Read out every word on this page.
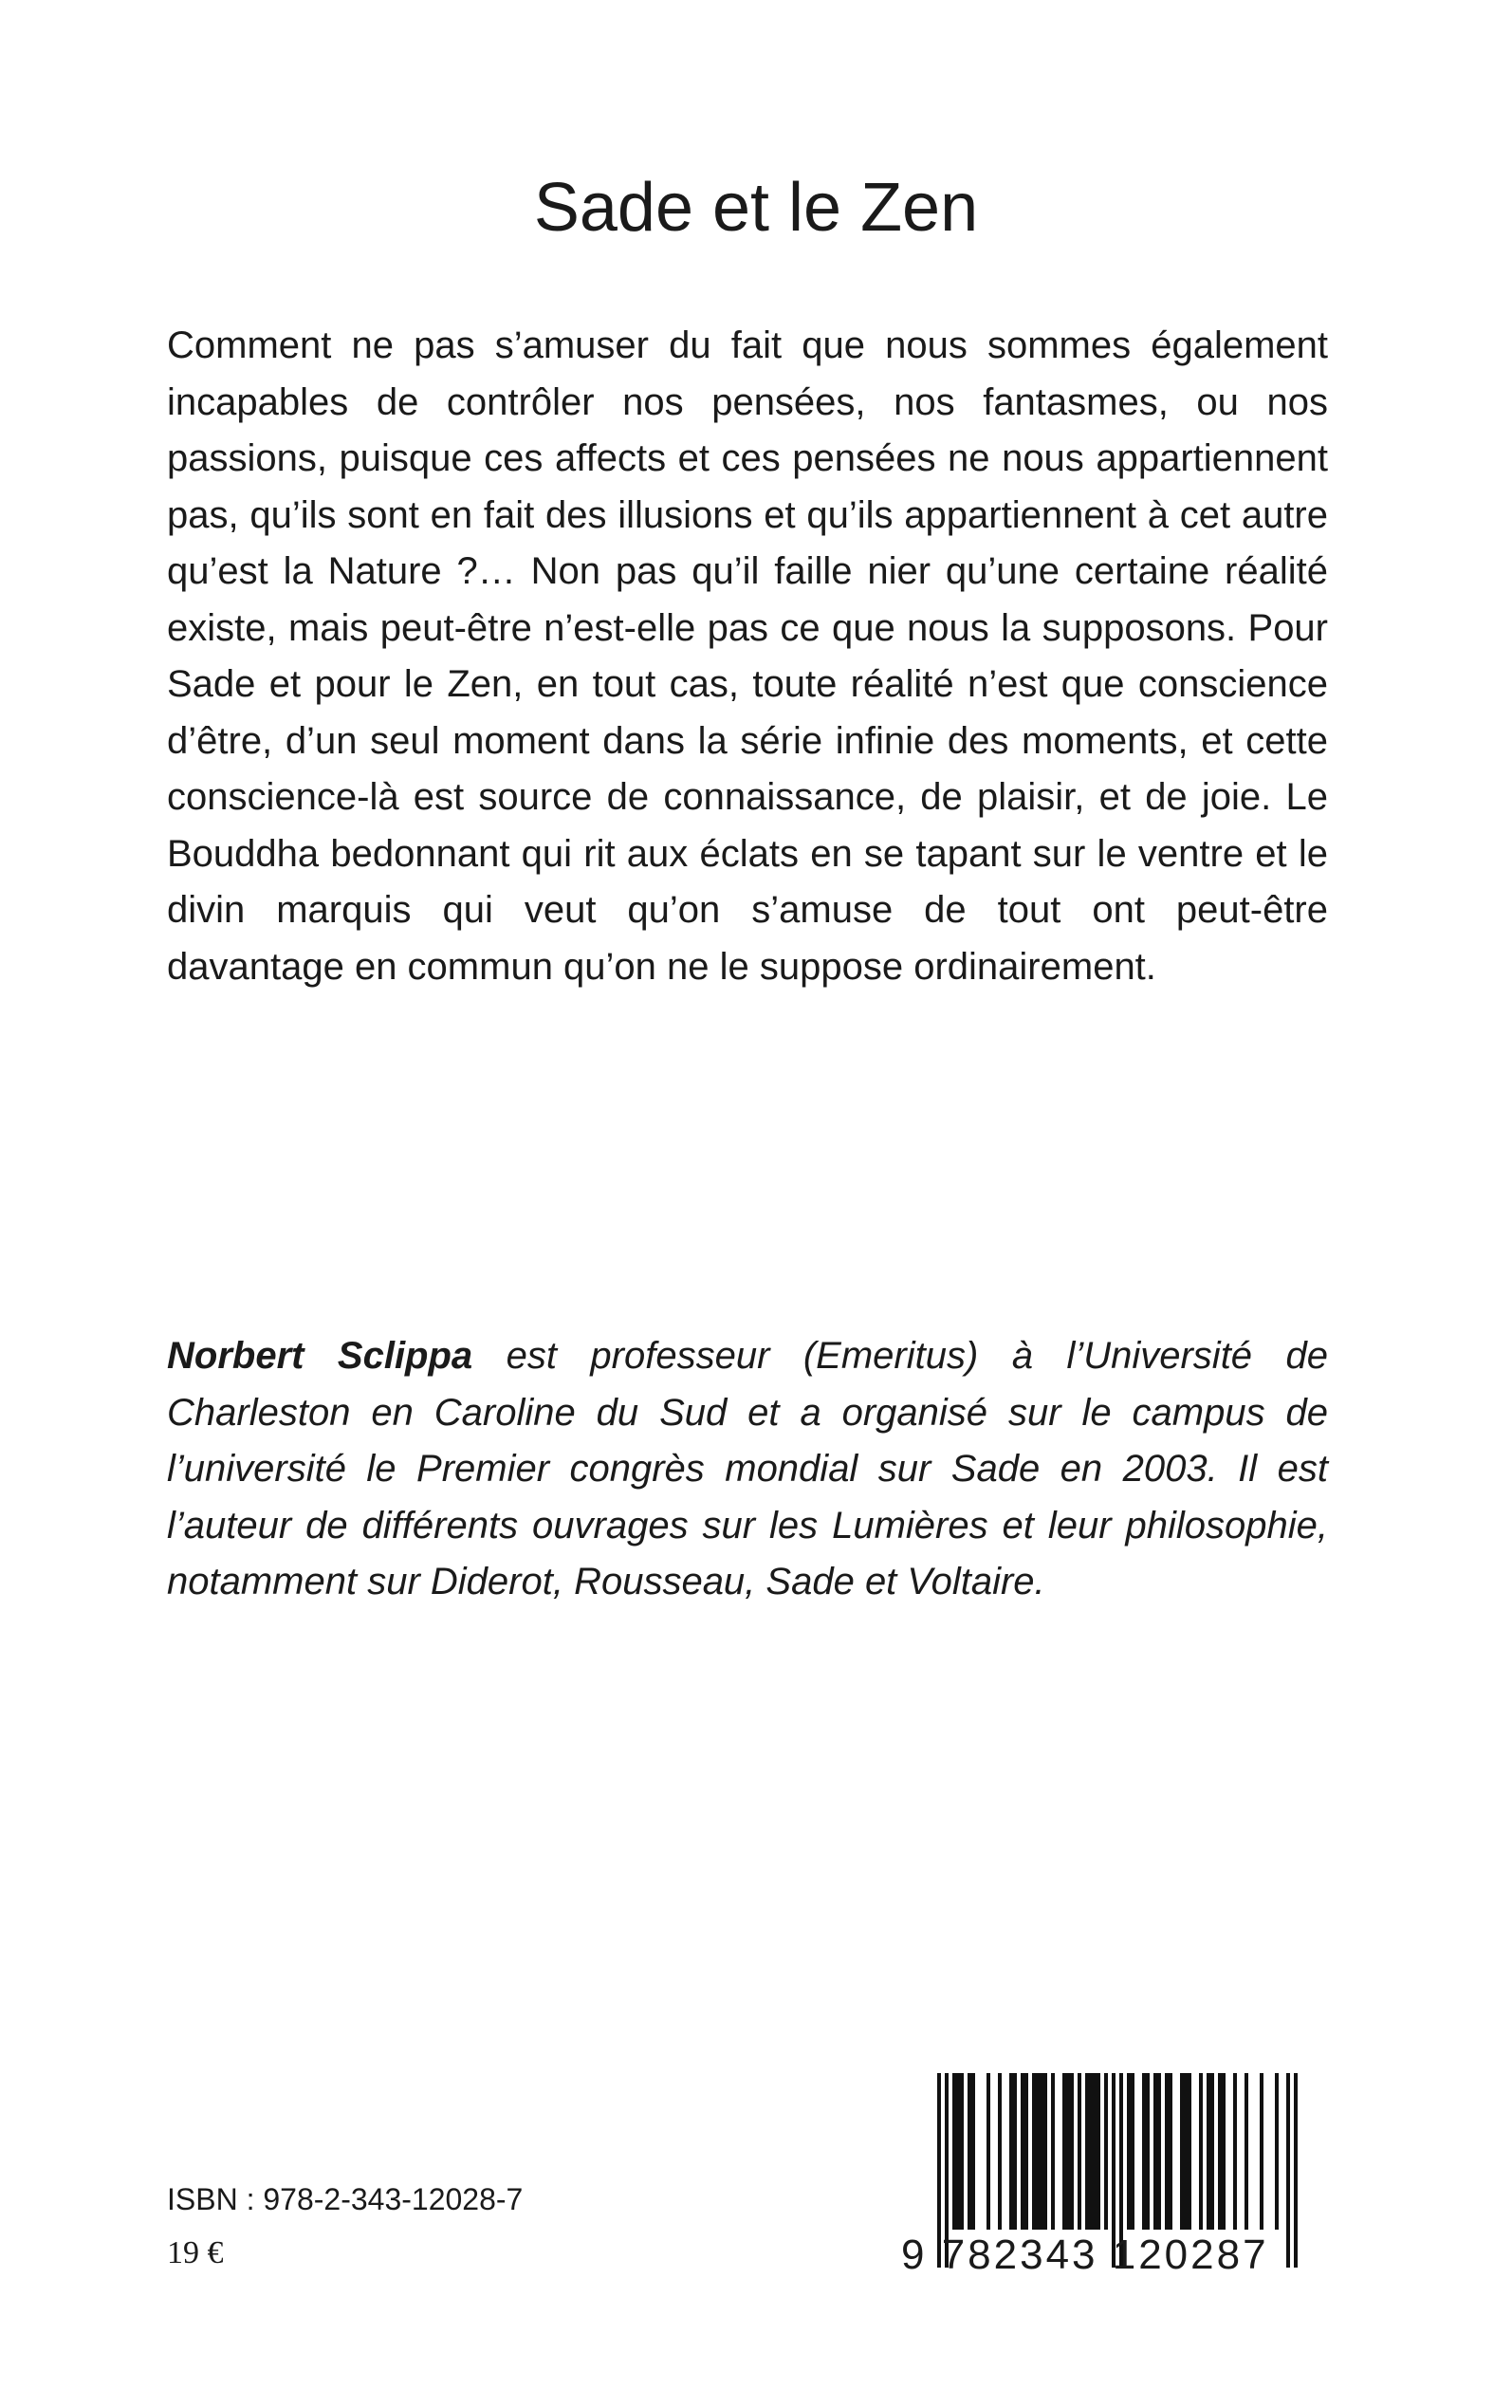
Sade et le Zen

Comment ne pas s’amuser du fait que nous sommes également incapables de contrôler nos pensées, nos fantasmes, ou nos passions, puisque ces affects et ces pensées ne nous appartiennent pas, qu’ils sont en fait des illusions et qu’ils appartiennent à cet autre qu’est la Nature ?… Non pas qu’il faille nier qu’une certaine réalité existe, mais peut-être n’est-elle pas ce que nous la supposons. Pour Sade et pour le Zen, en tout cas, toute réalité n’est que conscience d’être, d’un seul moment dans la série infinie des moments, et cette conscience-là est source de connaissance, de plaisir, et de joie. Le Bouddha bedonnant qui rit aux éclats en se tapant sur le ventre et le divin marquis qui veut qu’on s’amuse de tout ont peut-être davantage en commun qu’on ne le suppose ordinairement.

Norbert Sclippa est professeur (Emeritus) à l’Université de Charleston en Caroline du Sud et a organisé sur le campus de l’université le Premier congrès mondial sur Sade en 2003. Il est l’auteur de différents ouvrages sur les Lumières et leur philosophie, notamment sur Diderot, Rousseau, Sade et Voltaire.

ISBN : 978-2-343-12028-7
19 €	9 782343 120287
